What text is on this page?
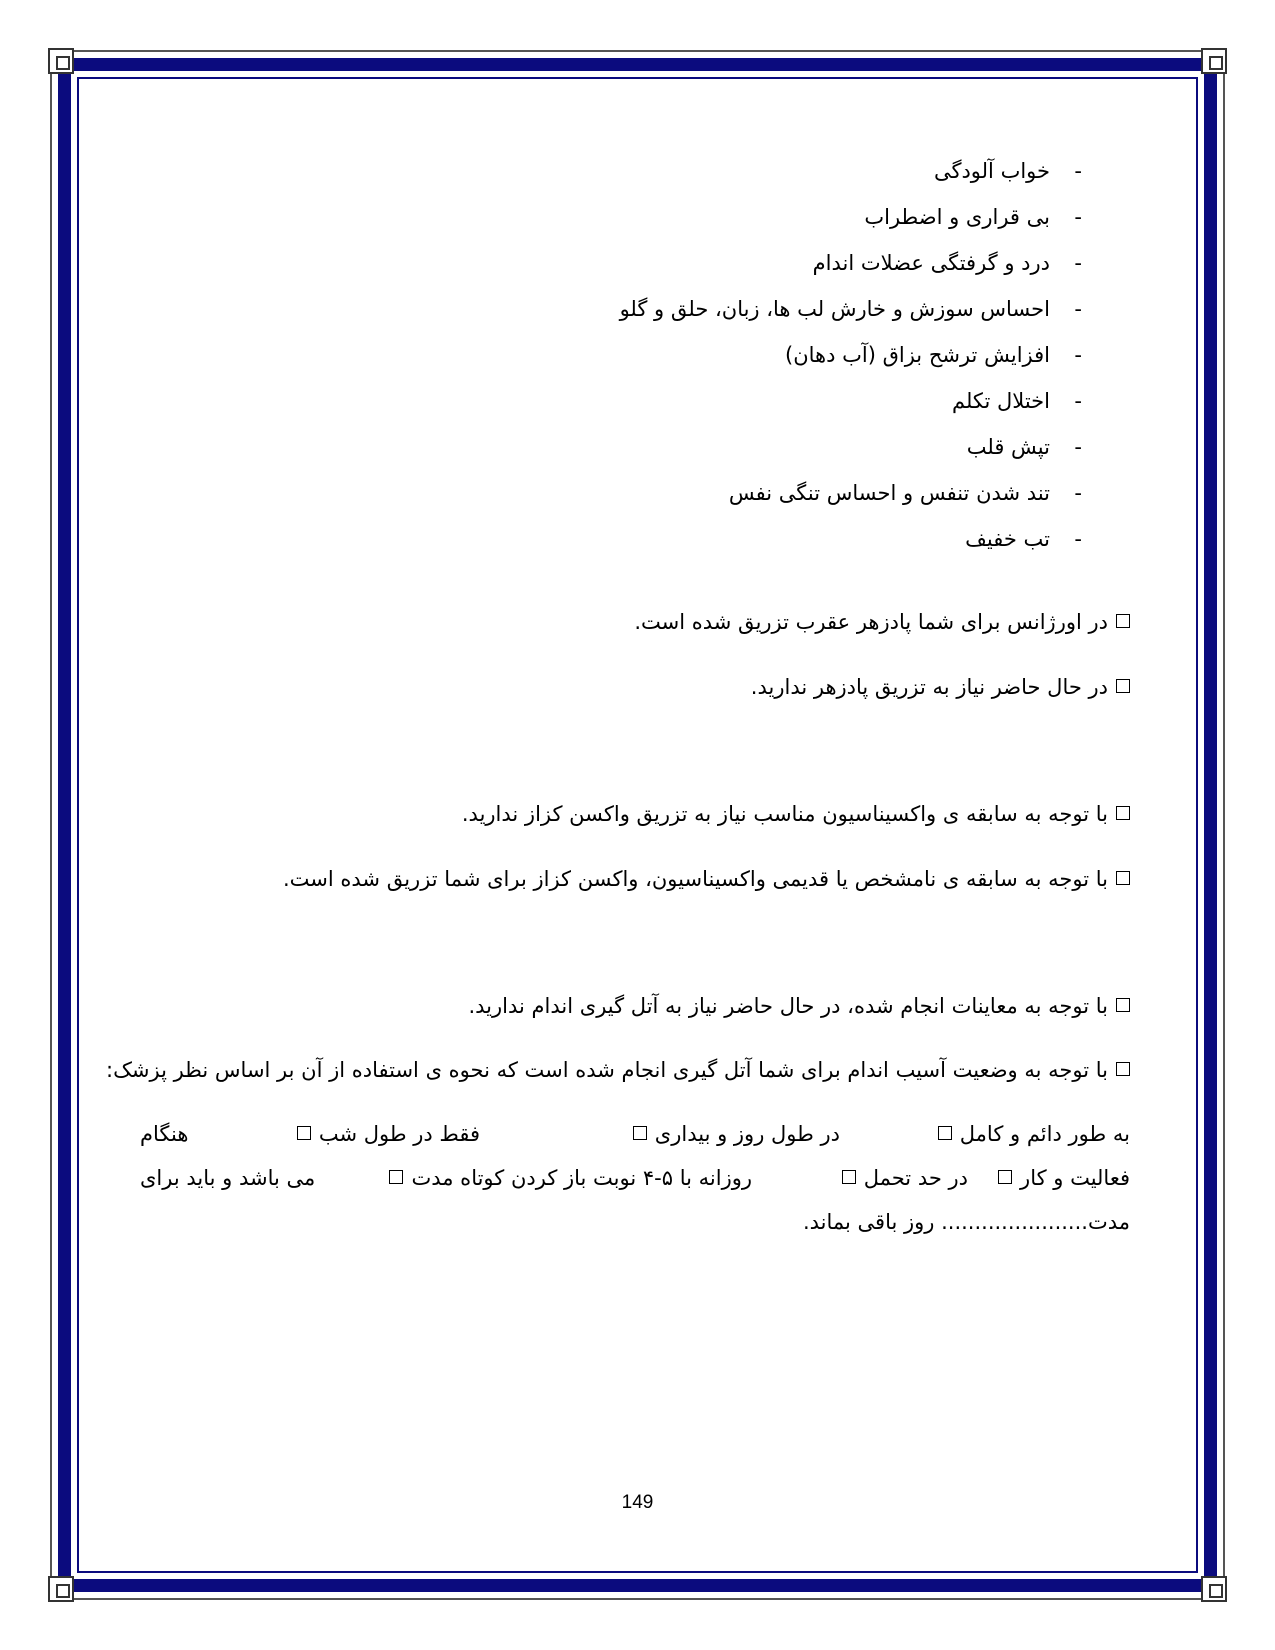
-
خواب آلودگی
-
بی قراری و اضطراب
-
درد و گرفتگی عضلات اندام
-
احساس سوزش و خارش لب ها، زبان، حلق و گلو
-
افزایش ترشح بزاق (آب دهان)
-
اختلال تکلم
-
تپش قلب
-
تند شدن تنفس و احساس تنگی نفس
-
تب خفیف
در اورژانس برای شما پادزهر عقرب تزریق شده است.
در حال حاضر نیاز به تزریق پادزهر ندارید.
با توجه به سابقه ی واکسیناسیون مناسب نیاز به تزریق واکسن کزاز ندارید.
با توجه به سابقه ی نامشخص یا قدیمی واکسیناسیون، واکسن کزاز برای شما تزریق شده است.
با توجه به معاینات انجام شده، در حال حاضر نیاز به آتل گیری اندام ندارید.
با توجه به وضعیت آسیب اندام برای شما آتل گیری انجام شده است که نحوه ی استفاده از آن بر اساس نظر پزشک:
به طور دائم و کامل
در طول روز و بیداری
فقط در طول شب
هنگام
فعالیت و کار
در حد تحمل
روزانه با ۵-۴ نوبت باز کردن کوتاه مدت
می باشد و باید برای
مدت...................... روز باقی بماند.
149
